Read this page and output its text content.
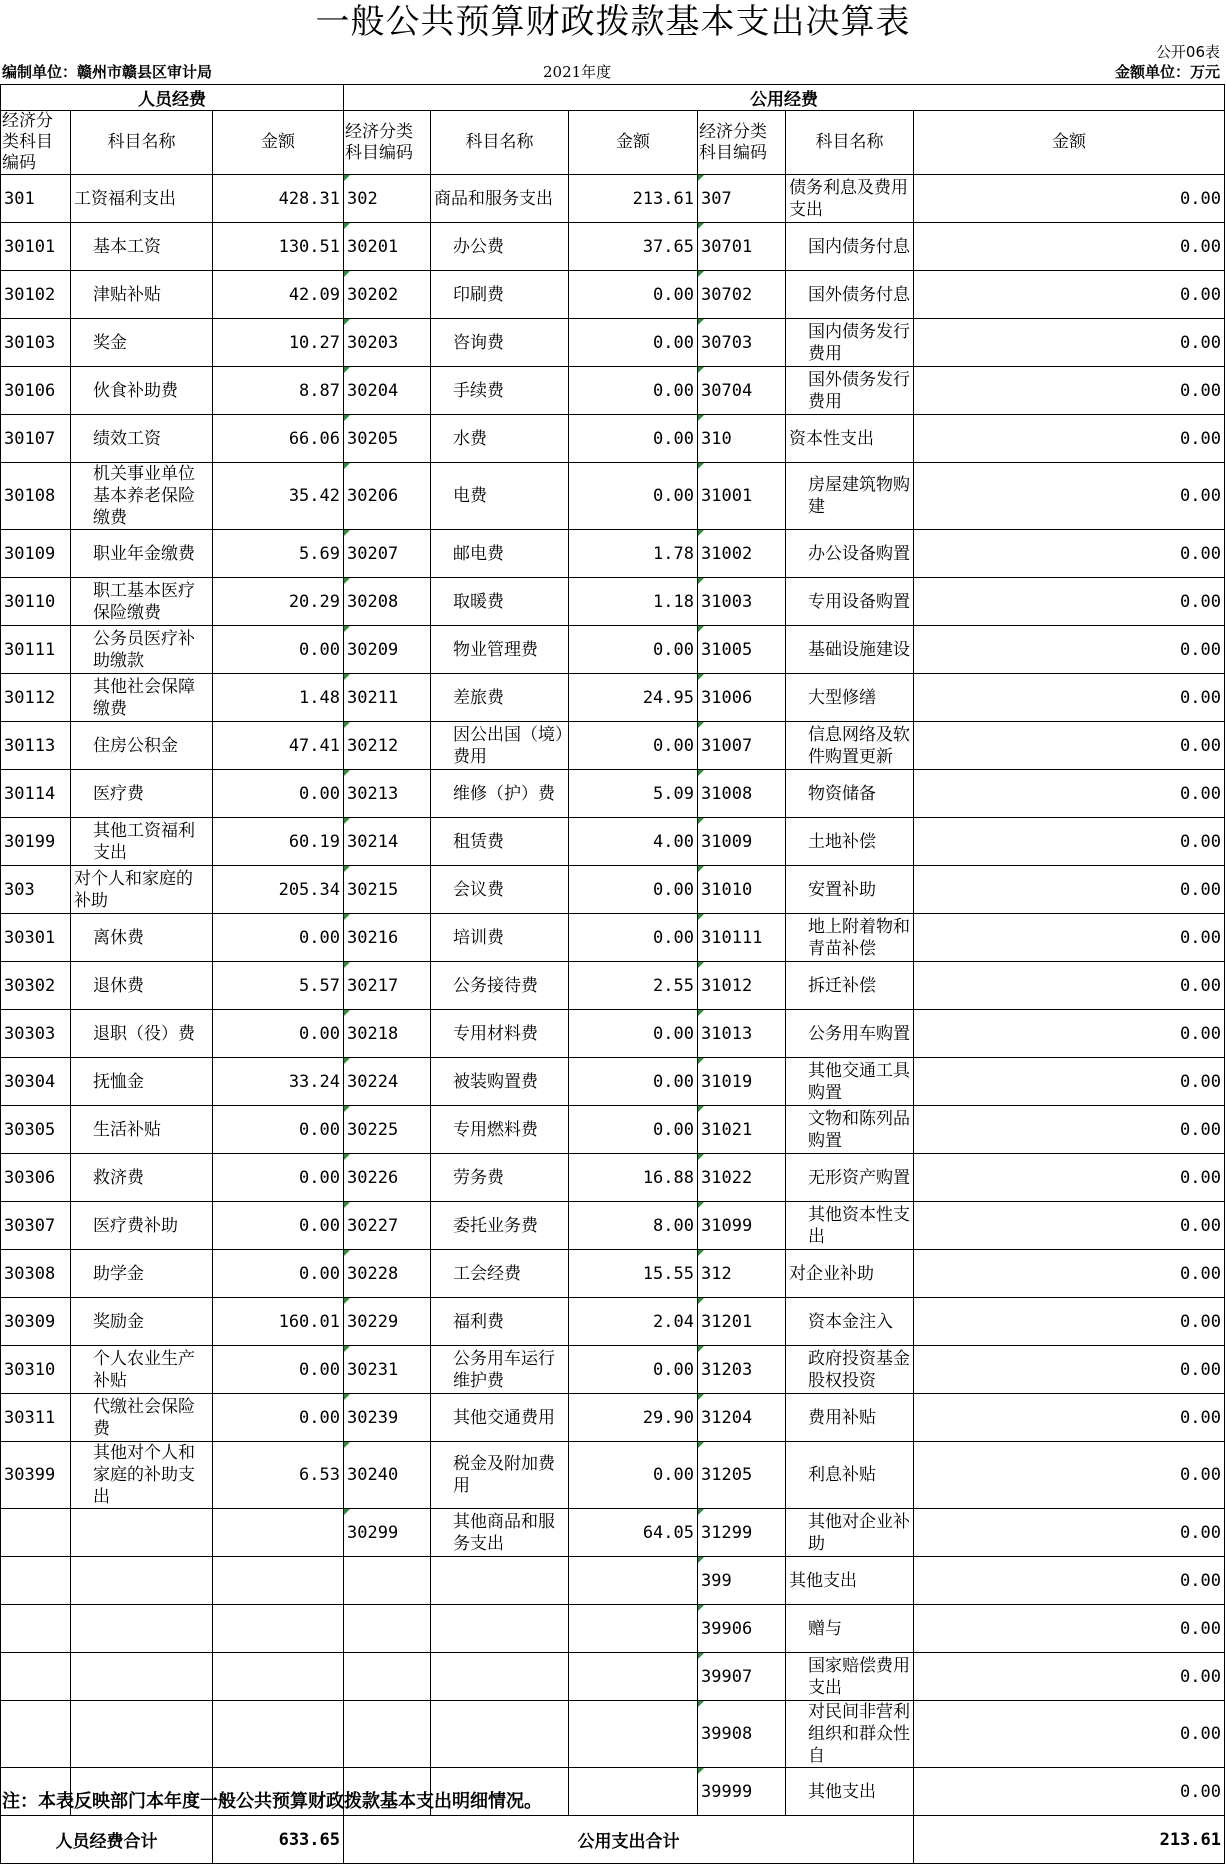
一般公共预算财政拨款基本支出决算表
公开06表
编制单位：赣州市赣县区审计局	2021年度	金额单位：万元
人员经费			公用经费					
经济分类科目编码	科目名称	金额	经济分类科目编码	科目名称	金额	经济分类科目编码	科目名称	金额
301	工资福利支出	428.31	302	商品和服务支出	213.61	307	债务利息及费用支出	0.00
30101	基本工资	130.51	30201	办公费	37.65	30701	国内债务付息	0.00
30102	津贴补贴	42.09	30202	印刷费	0.00	30702	国外债务付息	0.00
30103	奖金	10.27	30203	咨询费	0.00	30703	国内债务发行费用	0.00
30106	伙食补助费	8.87	30204	手续费	0.00	30704	国外债务发行费用	0.00
30107	绩效工资	66.06	30205	水费	0.00	310	资本性支出	0.00
30108	机关事业单位基本养老保险缴费	35.42	30206	电费	0.00	31001	房屋建筑物购建	0.00
30109	职业年金缴费	5.69	30207	邮电费	1.78	31002	办公设备购置	0.00
30110	职工基本医疗保险缴费	20.29	30208	取暖费	1.18	31003	专用设备购置	0.00
30111	公务员医疗补助缴款	0.00	30209	物业管理费	0.00	31005	基础设施建设	0.00
30112	其他社会保障缴费	1.48	30211	差旅费	24.95	31006	大型修缮	0.00
30113	住房公积金	47.41	30212	因公出国（境）费用	0.00	31007	信息网络及软件购置更新	0.00
30114	医疗费	0.00	30213	维修（护）费	5.09	31008	物资储备	0.00
30199	其他工资福利支出	60.19	30214	租赁费	4.00	31009	土地补偿	0.00
303	对个人和家庭的补助	205.34	30215	会议费	0.00	31010	安置补助	0.00
30301	离休费	0.00	30216	培训费	0.00	310111	地上附着物和青苗补偿	0.00
30302	退休费	5.57	30217	公务接待费	2.55	31012	拆迁补偿	0.00
30303	退职（役）费	0.00	30218	专用材料费	0.00	31013	公务用车购置	0.00
30304	抚恤金	33.24	30224	被装购置费	0.00	31019	其他交通工具购置	0.00
30305	生活补贴	0.00	30225	专用燃料费	0.00	31021	文物和陈列品购置	0.00
30306	救济费	0.00	30226	劳务费	16.88	31022	无形资产购置	0.00
30307	医疗费补助	0.00	30227	委托业务费	8.00	31099	其他资本性支出	0.00
30308	助学金	0.00	30228	工会经费	15.55	312	对企业补助	0.00
30309	奖励金	160.01	30229	福利费	2.04	31201	资本金注入	0.00
30310	个人农业生产补贴	0.00	30231	公务用车运行维护费	0.00	31203	政府投资基金股权投资	0.00
30311	代缴社会保险费	0.00	30239	其他交通费用	29.90	31204	费用补贴	0.00
30399	其他对个人和家庭的补助支出	6.53	30240	税金及附加费用	0.00	31205	利息补贴	0.00
			30299	其他商品和服务支出	64.05	31299	其他对企业补助	0.00
						399	其他支出	0.00
						39906	赠与	0.00
						39907	国家赔偿费用支出	0.00
						39908	对民间非营利组织和群众性自	0.00
						39999	其他支出	0.00
人员经费合计		633.65	公用支出合计					213.61
注：本表反映部门本年度一般公共预算财政拨款基本支出明细情况。
